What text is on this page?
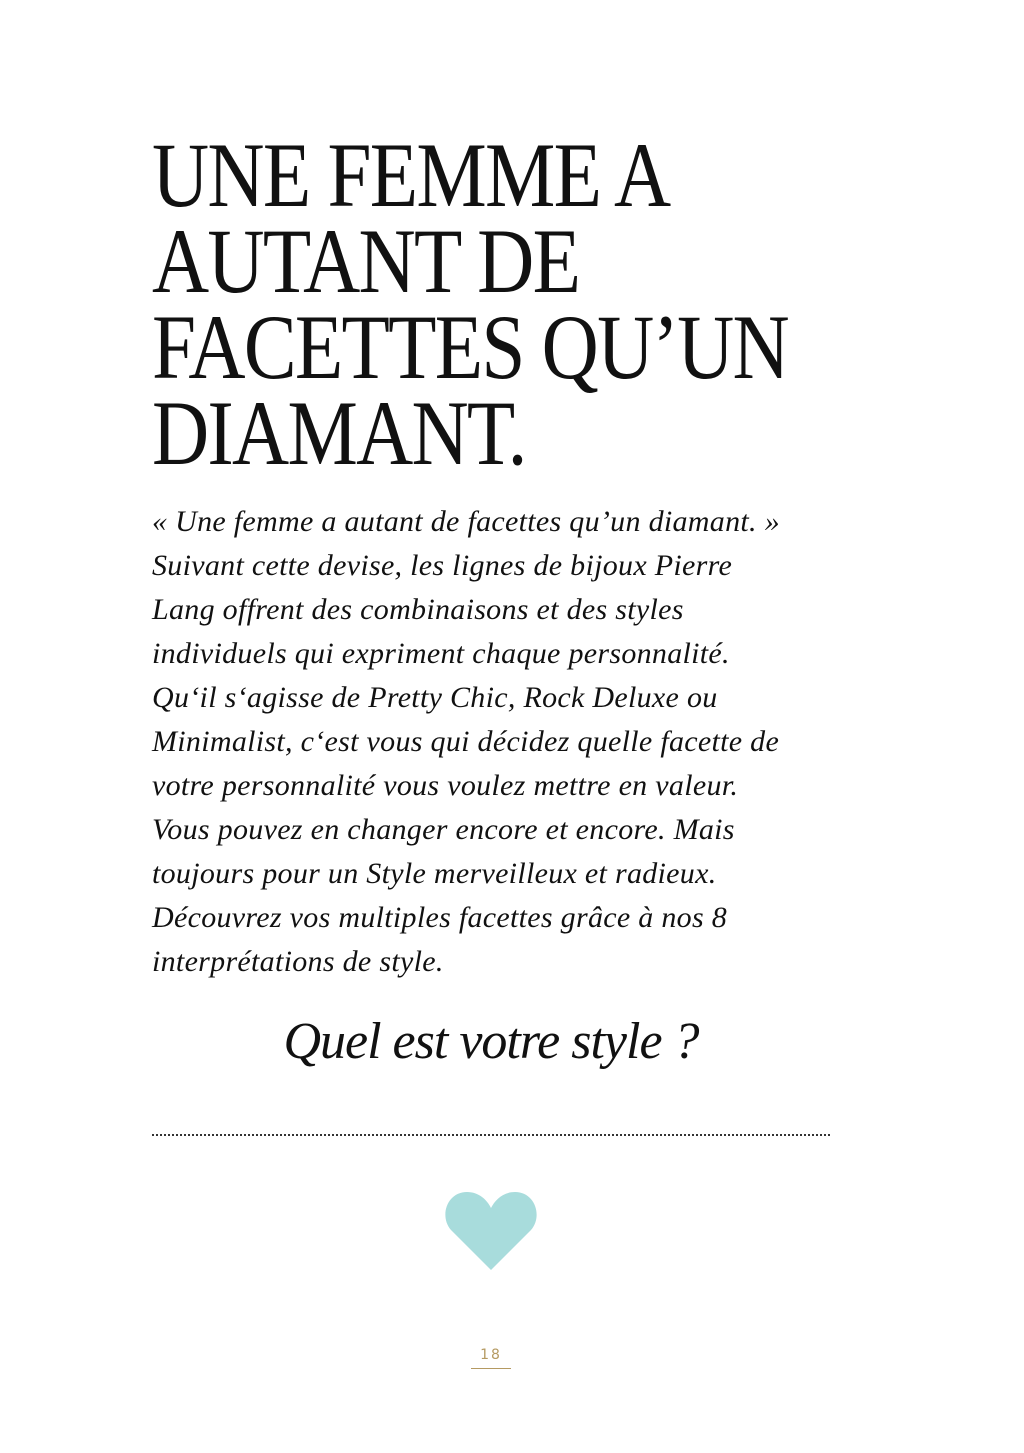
UNE FEMME A
AUTANT DE
FACETTES QU’UN
DIAMANT.

« Une femme a autant de facettes qu’un diamant. »
Suivant cette devise, les lignes de bijoux Pierre
Lang offrent des combinaisons et des styles
individuels qui expriment chaque personnalité.
Qu‘il s‘agisse de Pretty Chic, Rock Deluxe ou
Minimalist, c‘est vous qui décidez quelle facette de
votre personnalité vous voulez mettre en valeur.
Vous pouvez en changer encore et encore. Mais
toujours pour un Style merveilleux et radieux.
Découvrez vos multiples facettes grâce à nos 8
interprétations de style.

Quel est votre style ?
18
